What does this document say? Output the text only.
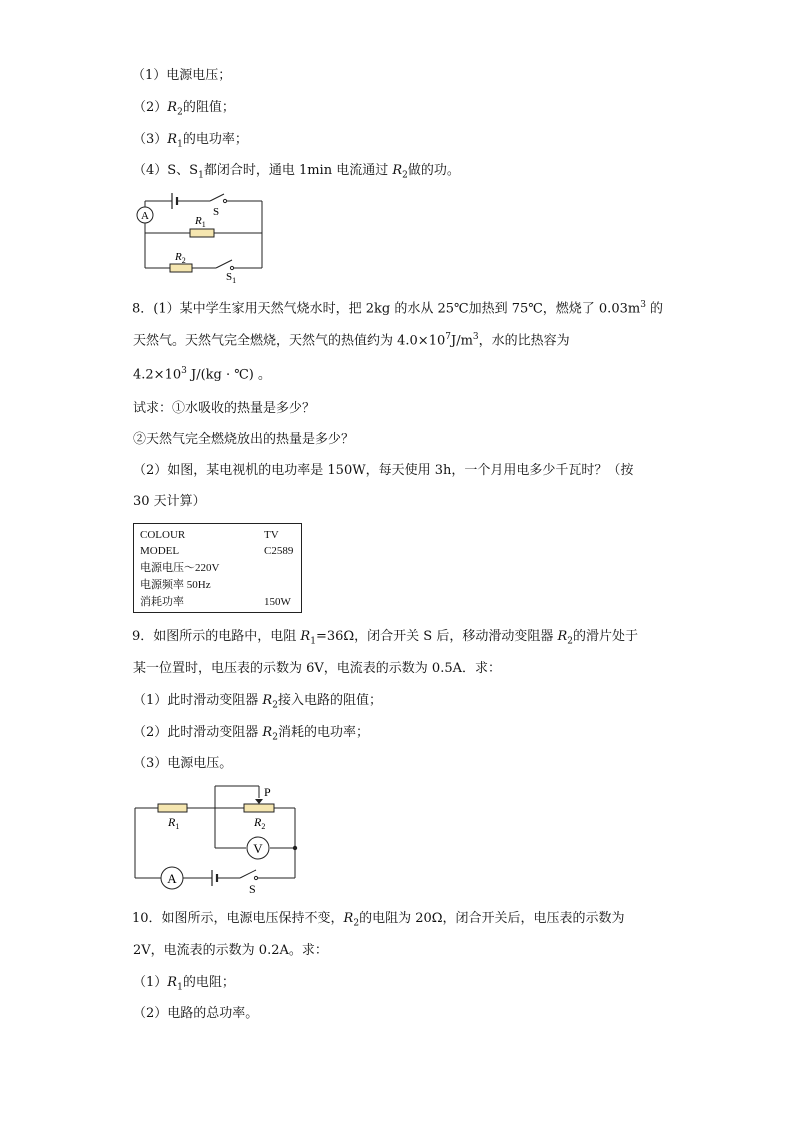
（1）电源电压；
$(2)R_2$的阻值；
$(3)R_1$的电功率；
（4）S、$S_1$都闭合时，通电 1min 电流通过 $R_2$做的功。
A	S
$R_1$
$R_2$
$S_1$
8．(1）某中学生家用天然气烧水时，把 2kg 的水从 25℃加热到 75℃，燃烧了 $0.03m^3$ 的
天然气。天然气完全燃烧，天然气的热值约为 $4.0\times 10^7J/m^3$，水的比热容为
$4.2\times 10^3$ J/(kg · ℃) 。
试求：①水吸收的热量是多少？
②天然气完全燃烧放出的热量是多少？
（2）如图，某电视机的电功率是 150W，每天使用 3h，一个月用电多少千瓦时？（按
30 天计算）
COLOUR	TV
MODEL	C2589
电源电压～220V
电源频率 50Hz
消耗功率	150W
9．如图所示的电路中，电阻 $R_1=36\Omega$，闭合开关 S 后，移动滑动变阻器 $R_2$的滑片处于
某一位置时，电压表的示数为 6V，电流表的示数为 0.5A．求：
（1）此时滑动变阻器 $R_2$接入电路的阻值；
（2）此时滑动变阻器 $R_2$消耗的电功率；
（3）电源电压。
V
A
P
$R_1$	$R_2$
S
10．如图所示，电源电压保持不变，$R_2$的电阻为 20Ω，闭合开关后，电压表的示数为
2V，电流表的示数为 0.2A。求：
$(1)R_1$的电阻；
（2）电路的总功率。
